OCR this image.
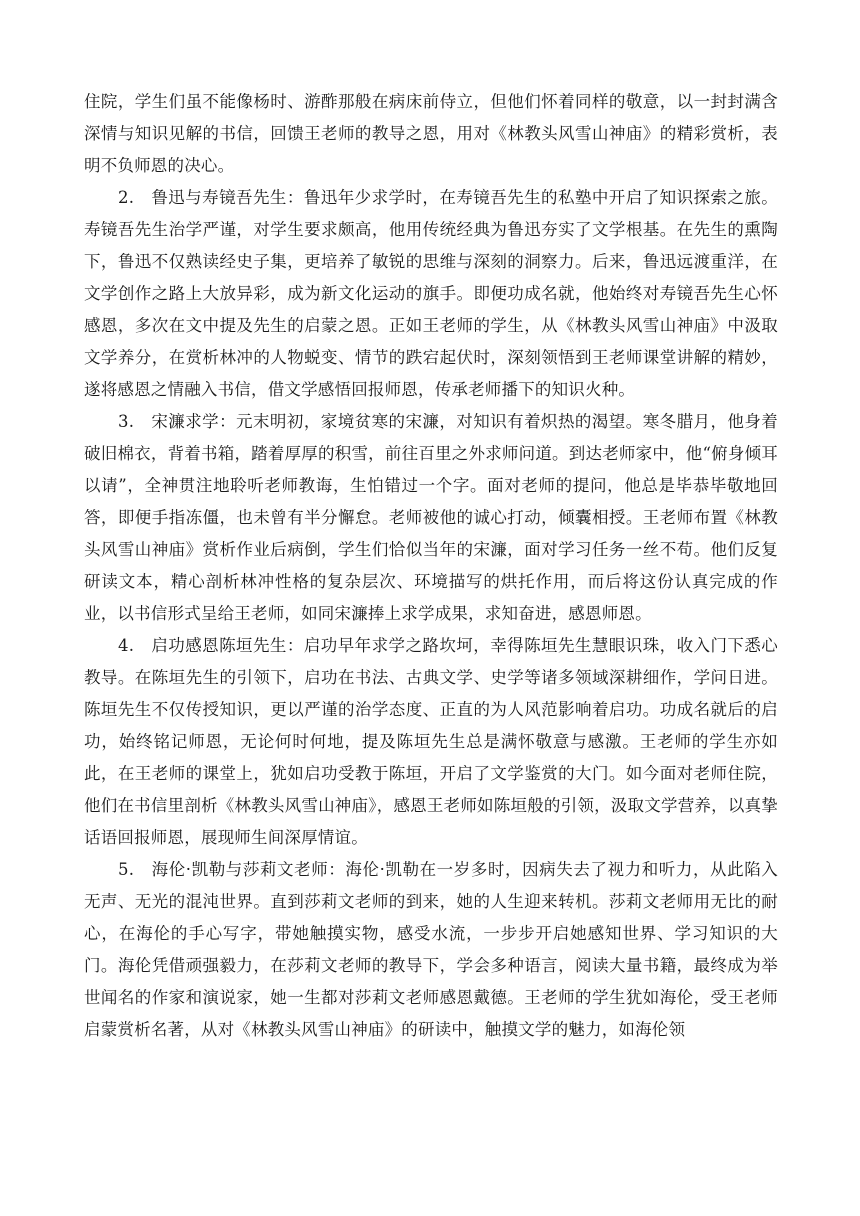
住院，学生们虽不能像杨时、游酢那般在病床前侍立，但他们怀着同样的敬意，以一封封满含深情与知识见解的书信，回馈王老师的教导之恩，用对《林教头风雪山神庙》的精彩赏析，表明不负师恩的决心。

2.　鲁迅与寿镜吾先生：鲁迅年少求学时，在寿镜吾先生的私塾中开启了知识探索之旅。寿镜吾先生治学严谨，对学生要求颇高，他用传统经典为鲁迅夯实了文学根基。在先生的熏陶下，鲁迅不仅熟读经史子集，更培养了敏锐的思维与深刻的洞察力。后来，鲁迅远渡重洋，在文学创作之路上大放异彩，成为新文化运动的旗手。即便功成名就，他始终对寿镜吾先生心怀感恩，多次在文中提及先生的启蒙之恩。正如王老师的学生，从《林教头风雪山神庙》中汲取文学养分，在赏析林冲的人物蜕变、情节的跌宕起伏时，深刻领悟到王老师课堂讲解的精妙，遂将感恩之情融入书信，借文学感悟回报师恩，传承老师播下的知识火种。

3.　宋濂求学：元末明初，家境贫寒的宋濂，对知识有着炽热的渴望。寒冬腊月，他身着破旧棉衣，背着书箱，踏着厚厚的积雪，前往百里之外求师问道。到达老师家中，他“俯身倾耳以请”，全神贯注地聆听老师教诲，生怕错过一个字。面对老师的提问，他总是毕恭毕敬地回答，即便手指冻僵，也未曾有半分懈怠。老师被他的诚心打动，倾囊相授。王老师布置《林教头风雪山神庙》赏析作业后病倒，学生们恰似当年的宋濂，面对学习任务一丝不苟。他们反复研读文本，精心剖析林冲性格的复杂层次、环境描写的烘托作用，而后将这份认真完成的作业，以书信形式呈给王老师，如同宋濂捧上求学成果，求知奋进，感恩师恩。

4.　启功感恩陈垣先生：启功早年求学之路坎坷，幸得陈垣先生慧眼识珠，收入门下悉心教导。在陈垣先生的引领下，启功在书法、古典文学、史学等诸多领域深耕细作，学问日进。陈垣先生不仅传授知识，更以严谨的治学态度、正直的为人风范影响着启功。功成名就后的启功，始终铭记师恩，无论何时何地，提及陈垣先生总是满怀敬意与感激。王老师的学生亦如此，在王老师的课堂上，犹如启功受教于陈垣，开启了文学鉴赏的大门。如今面对老师住院，他们在书信里剖析《林教头风雪山神庙》，感恩王老师如陈垣般的引领，汲取文学营养，以真挚话语回报师恩，展现师生间深厚情谊。

5.　海伦·凯勒与莎莉文老师：海伦·凯勒在一岁多时，因病失去了视力和听力，从此陷入无声、无光的混沌世界。直到莎莉文老师的到来，她的人生迎来转机。莎莉文老师用无比的耐心，在海伦的手心写字，带她触摸实物，感受水流，一步步开启她感知世界、学习知识的大门。海伦凭借顽强毅力，在莎莉文老师的教导下，学会多种语言，阅读大量书籍，最终成为举世闻名的作家和演说家，她一生都对莎莉文老师感恩戴德。王老师的学生犹如海伦，受王老师启蒙赏析名著，从对《林教头风雪山神庙》的研读中，触摸文学的魅力，如海伦领
